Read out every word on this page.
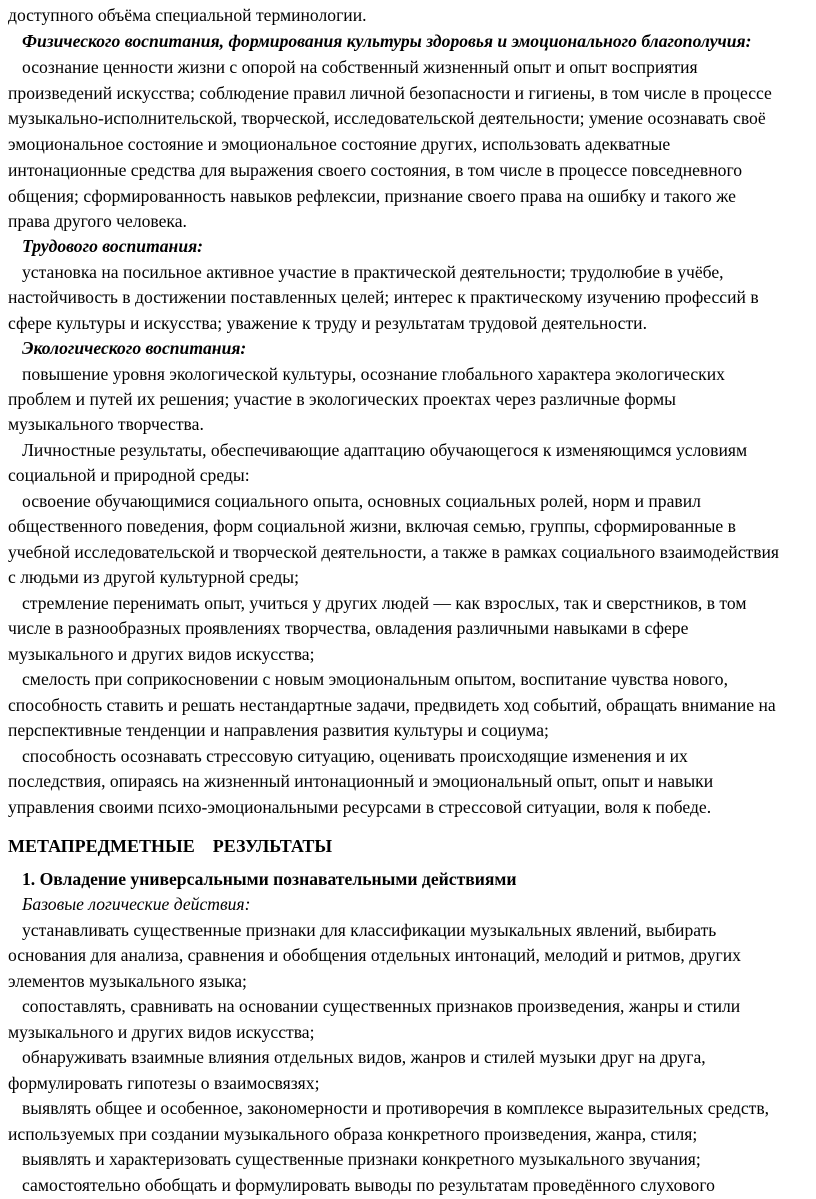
доступного объёма специальной терминологии.
Физического воспитания, формирования культуры здоровья и эмоционального благополучия:
осознание ценности жизни с опорой на собственный жизненный опыт и опыт восприятия
произведений искусства; соблюдение правил личной безопасности и гигиены, в том числе в процессе
музыкально-исполнительской, творческой, исследовательской деятельности; умение осознавать своё
эмоциональное состояние и эмоциональное состояние других, использовать адекватные
интонационные средства для выражения своего состояния, в том числе в процессе повседневного
общения; сформированность навыков рефлексии, признание своего права на ошибку и такого же
права другого человека.
Трудового воспитания:
установка на посильное активное участие в практической деятельности; трудолюбие в учёбе,
настойчивость в достижении поставленных целей; интерес к практическому изучению профессий в
сфере культуры и искусства; уважение к труду и результатам трудовой деятельности.
Экологического воспитания:
повышение уровня экологической культуры, осознание глобального характера экологических
проблем и путей их решения; участие в экологических проектах через различные формы
музыкального творчества.
Личностные результаты, обеспечивающие адаптацию обучающегося к изменяющимся условиям
социальной и природной среды:
освоение обучающимися социального опыта, основных социальных ролей, норм и правил
общественного поведения, форм социальной жизни, включая семью, группы, сформированные в
учебной исследовательской и творческой деятельности, а также в рамках социального взаимодействия
с людьми из другой культурной среды;
стремление перенимать опыт, учиться у других людей — как взрослых, так и сверстников, в том
числе в разнообразных проявлениях творчества, овладения различными навыками в сфере
музыкального и других видов искусства;
смелость при соприкосновении с новым эмоциональным опытом, воспитание чувства нового,
способность ставить и решать нестандартные задачи, предвидеть ход событий, обращать внимание на
перспективные тенденции и направления развития культуры и социума;
способность осознавать стрессовую ситуацию, оценивать происходящие изменения и их
последствия, опираясь на жизненный интонационный и эмоциональный опыт, опыт и навыки
управления своими психо-эмоциональными ресурсами в стрессовой ситуации, воля к победе.
МЕТАПРЕДМЕТНЫЕ    РЕЗУЛЬТАТЫ
1. Овладение универсальными познавательными действиями
Базовые логические действия:
устанавливать существенные признаки для классификации музыкальных явлений, выбирать
основания для анализа, сравнения и обобщения отдельных интонаций, мелодий и ритмов, других
элементов музыкального языка;
сопоставлять, сравнивать на основании существенных признаков произведения, жанры и стили
музыкального и других видов искусства;
обнаруживать взаимные влияния отдельных видов, жанров и стилей музыки друг на друга,
формулировать гипотезы о взаимосвязях;
выявлять общее и особенное, закономерности и противоречия в комплексе выразительных средств,
используемых при создании музыкального образа конкретного произведения, жанра, стиля;
выявлять и характеризовать существенные признаки конкретного музыкального звучания;
самостоятельно обобщать и формулировать выводы по результатам проведённого слухового
